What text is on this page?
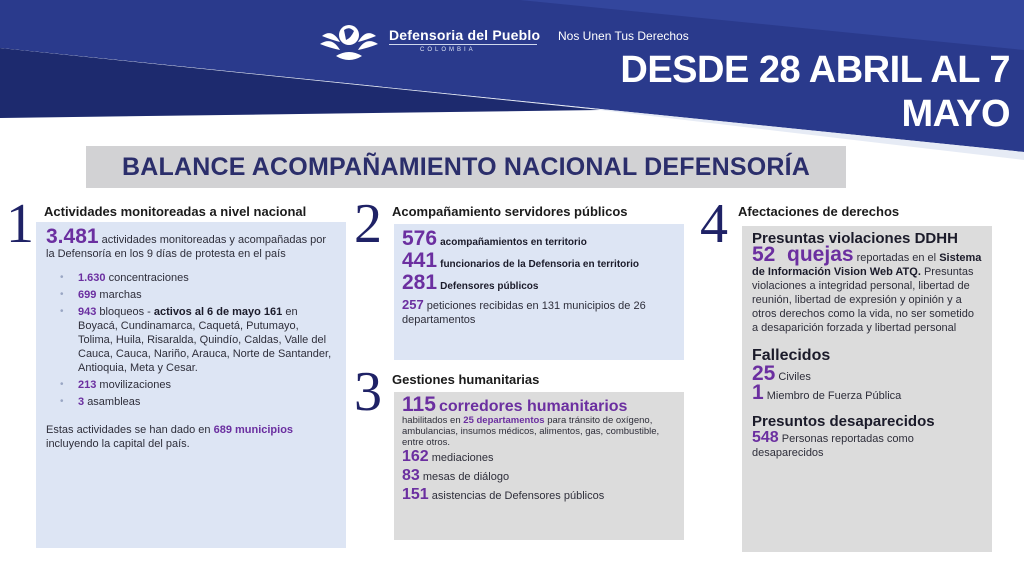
Defensoria del Pueblo
COLOMBIA
Nos Unen Tus Derechos
DESDE 28 ABRIL AL 7
MAYO
BALANCE ACOMPAÑAMIENTO NACIONAL DEFENSORÍA
1 Actividades monitoreadas a nivel nacional
3.481 actividades monitoreadas y acompañadas por la Defensoría en los 9 días de protesta en el país
• 1.630 concentraciones
• 699 marchas
• 943 bloqueos - activos al 6 de mayo 161 en Boyacá, Cundinamarca, Caquetá, Putumayo, Tolima, Huila, Risaralda, Quindío, Caldas, Valle del Cauca, Cauca, Nariño, Arauca, Norte de Santander, Antioquia, Meta y Cesar.
• 213 movilizaciones
• 3 asambleas
Estas actividades se han dado en 689 municipios incluyendo la capital del país.
2 Acompañamiento servidores públicos
576 acompañamientos en territorio
441 funcionarios de la Defensoria en territorio
281 Defensores públicos
257 peticiones recibidas en 131 municipios de 26 departamentos
3 Gestiones humanitarias
115 corredores humanitarios
habilitados en 25 departamentos para tránsito de oxígeno, ambulancias, insumos médicos, alimentos, gas, combustible, entre otros.
162 mediaciones
83 mesas de diálogo
151 asistencias de Defensores públicos
4 Afectaciones de derechos
Presuntas violaciones DDHH
52  quejas reportadas en el Sistema de Información Vision Web ATQ. Presuntas violaciones a integridad personal, libertad de reunión, libertad de expresión y opinión y a otros derechos como la vida, no ser sometido a desaparición forzada y libertad personal
Fallecidos
25 Civiles
1 Miembro de Fuerza Pública
Presuntos desaparecidos
548 Personas reportadas como desaparecidos
